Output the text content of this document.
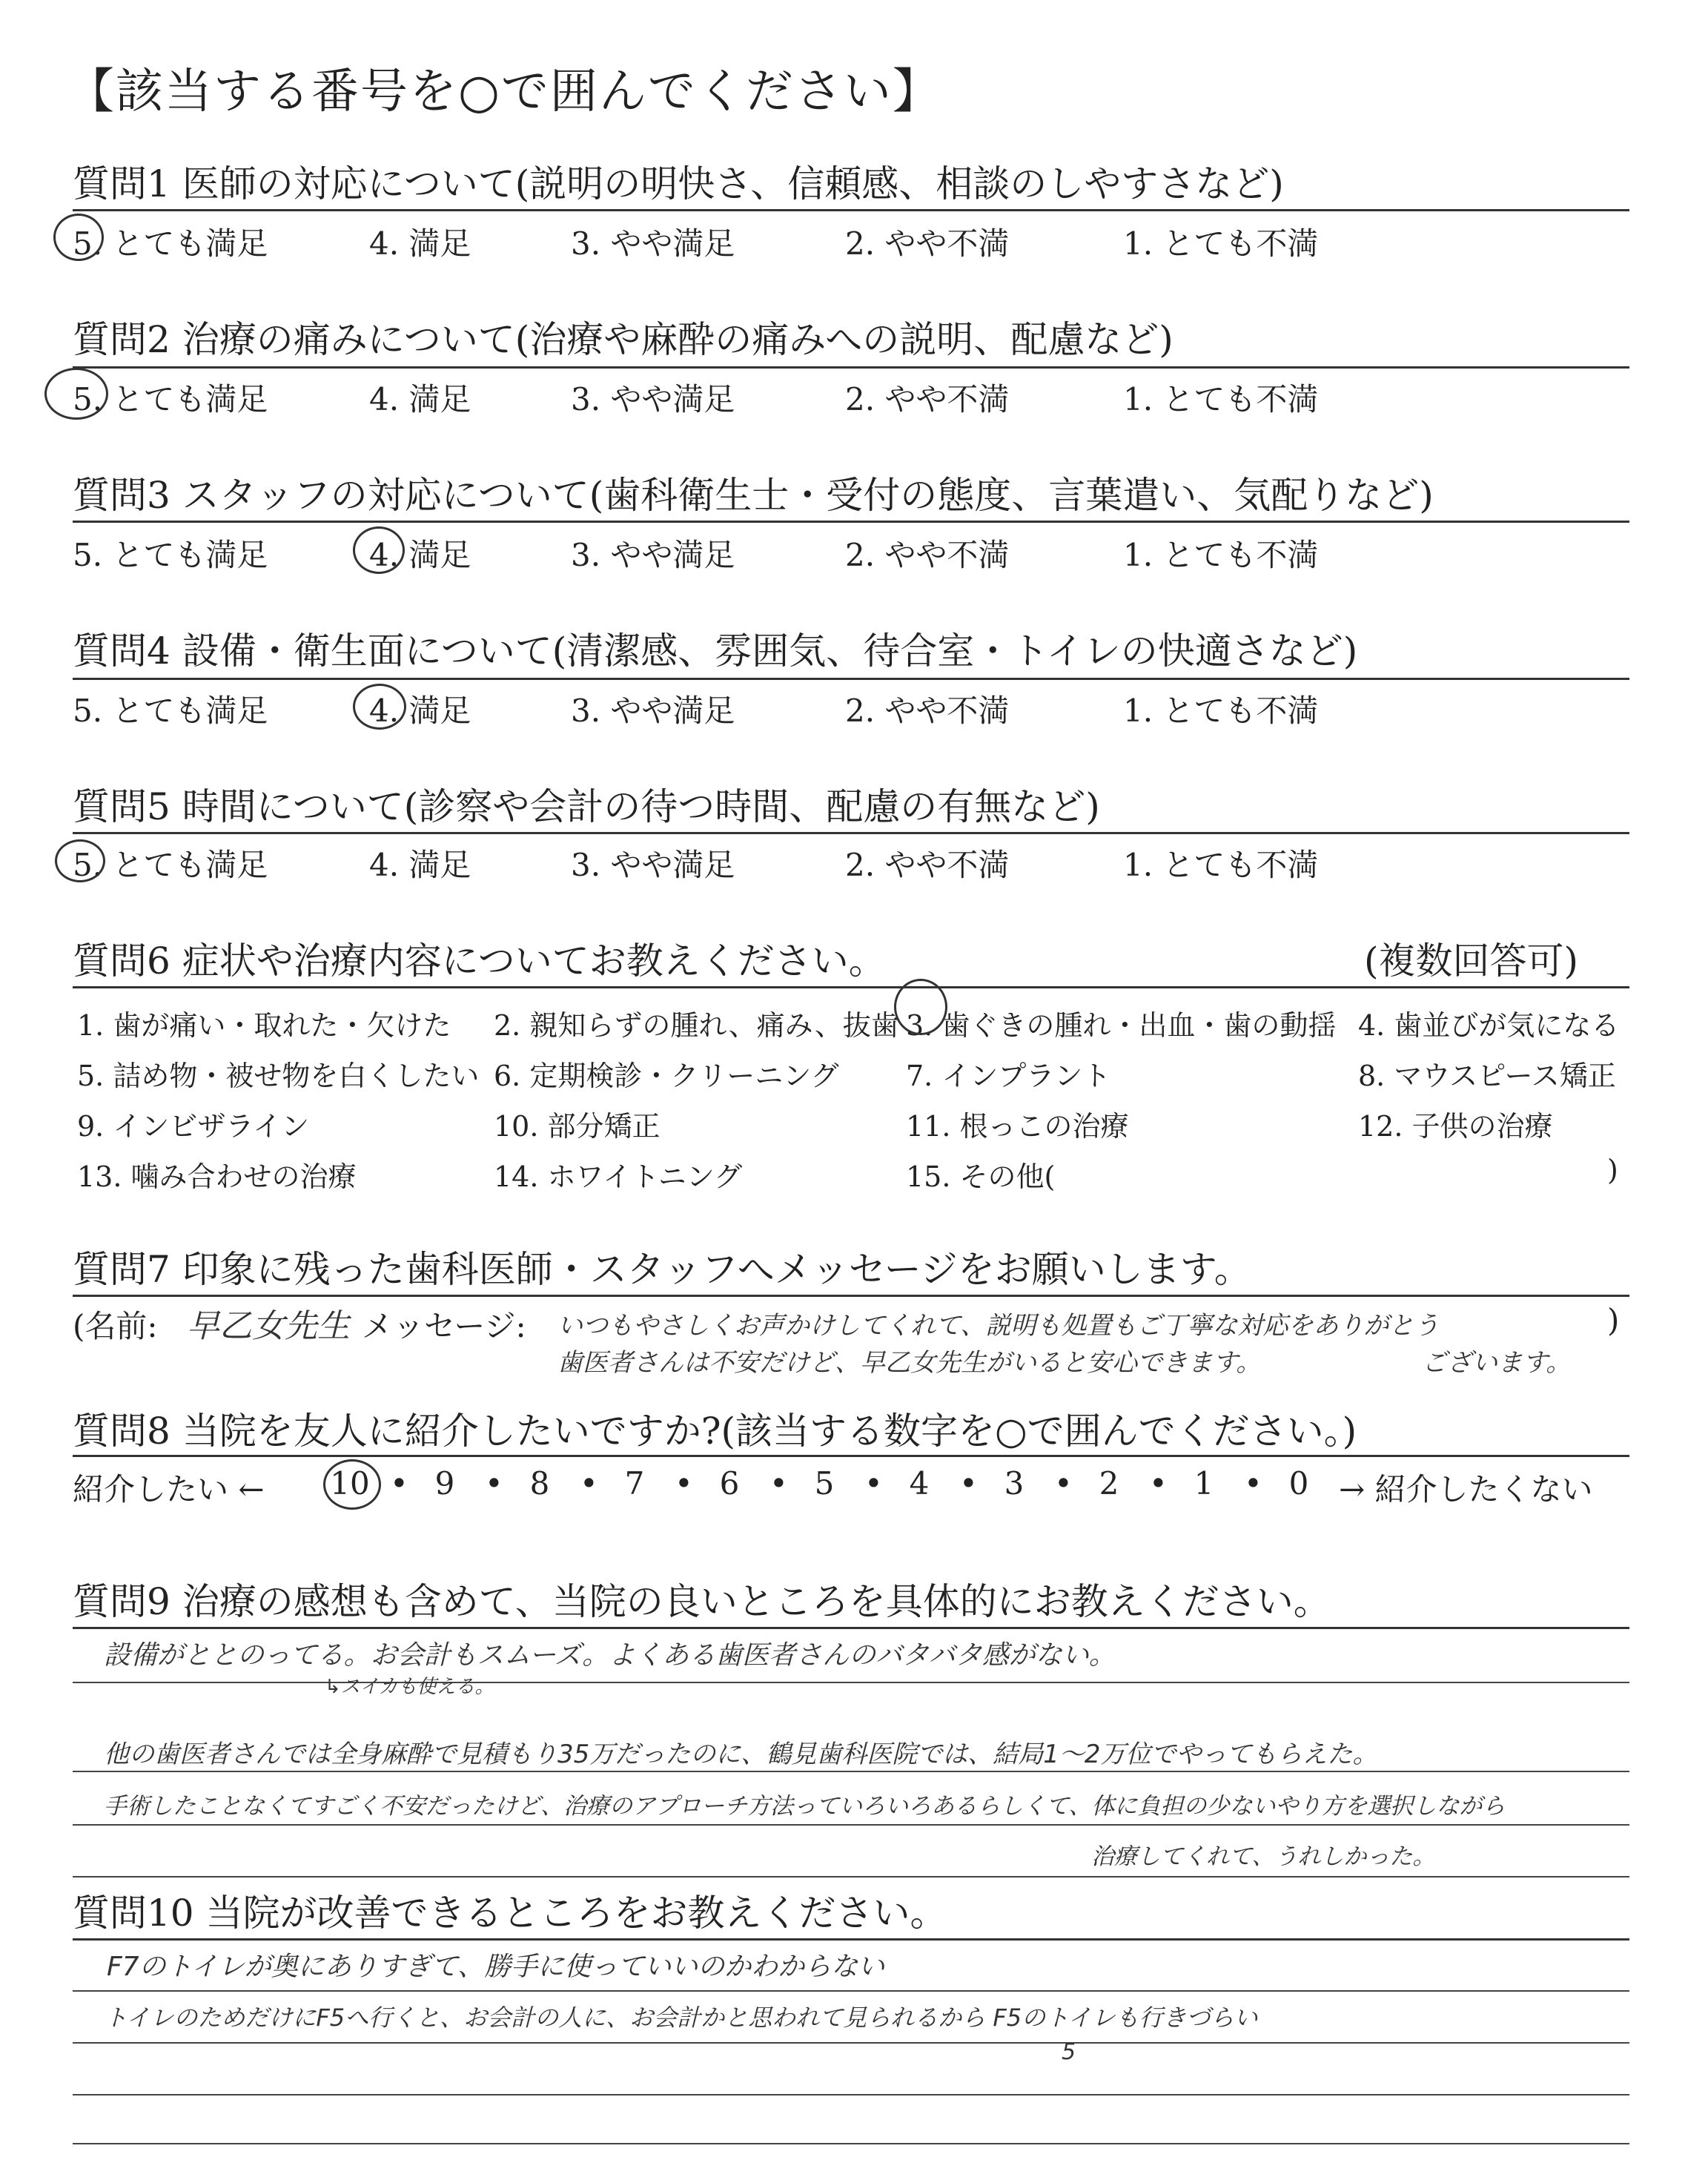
【該当する番号を○で囲んでください】
質問1 医師の対応について(説明の明快さ、信頼感、相談のしやすさなど)
5. とても満足	4. 満足	3. やや満足	2. やや不満	1. とても不満
質問2 治療の痛みについて(治療や麻酔の痛みへの説明、配慮など)
5. とても満足	4. 満足	3. やや満足	2. やや不満	1. とても不満
質問3 スタッフの対応について(歯科衛生士・受付の態度、言葉遣い、気配りなど)
5. とても満足	4. 満足	3. やや満足	2. やや不満	1. とても不満
質問4 設備・衛生面について(清潔感、雰囲気、待合室・トイレの快適さなど)
5. とても満足	4. 満足	3. やや満足	2. やや不満	1. とても不満
質問5 時間について(診察や会計の待つ時間、配慮の有無など)
5. とても満足	4. 満足	3. やや満足	2. やや不満	1. とても不満
質問6 症状や治療内容についてお教えください。	(複数回答可)
1. 歯が痛い・取れた・欠けた 2. 親知らずの腫れ、痛み、抜歯 3. 歯ぐきの腫れ・出血・歯の動揺 4. 歯並びが気になる
5. 詰め物・被せ物を白くしたい 6. 定期検診・クリーニング 7. インプラント	8. マウスピース矯正
9. インビザライン	10. 部分矯正	11. 根っこの治療	12. 子供の治療
13. 噛み合わせの治療	14. ホワイトニング	15. その他(	)
質問7 印象に残った歯科医師・スタッフへメッセージをお願いします。
(名前: 早乙女先生 メッセージ: いつもやさしくお声かけしてくれて、説明も処置もご丁寧な対応をありがとう
歯医者さんは不安だけど、早乙女先生がいると安心できます。	ございます。
)
質問8 当院を友人に紹介したいですか?(該当する数字を○で囲んでください。)
紹介したい ← 10 • 9 • 8 • 7 • 6 • 5 • 4 • 3 • 2 • 1 • 0 → 紹介したくない
質問9 治療の感想も含めて、当院の良いところを具体的にお教えください。
設備がととのってる。お会計もスムーズ。よくある歯医者さんのバタバタ感がない。
↳スイカも使える。
他の歯医者さんでは全身麻酔で見積もり35万だったのに、鶴見歯科医院では、結局1〜2万位でやってもらえた。
手術したことなくてすごく不安だったけど、治療のアプローチ方法っていろいろあるらしくて、体に負担の少ないやり方を選択しながら
治療してくれて、うれしかった。
質問10 当院が改善できるところをお教えください。
F7のトイレが奥にありすぎて、勝手に使っていいのかわからない
トイレのためだけにF5へ行くと、お会計の人に、お会計かと思われて見られるから F5のトイレも行きづらい
5
